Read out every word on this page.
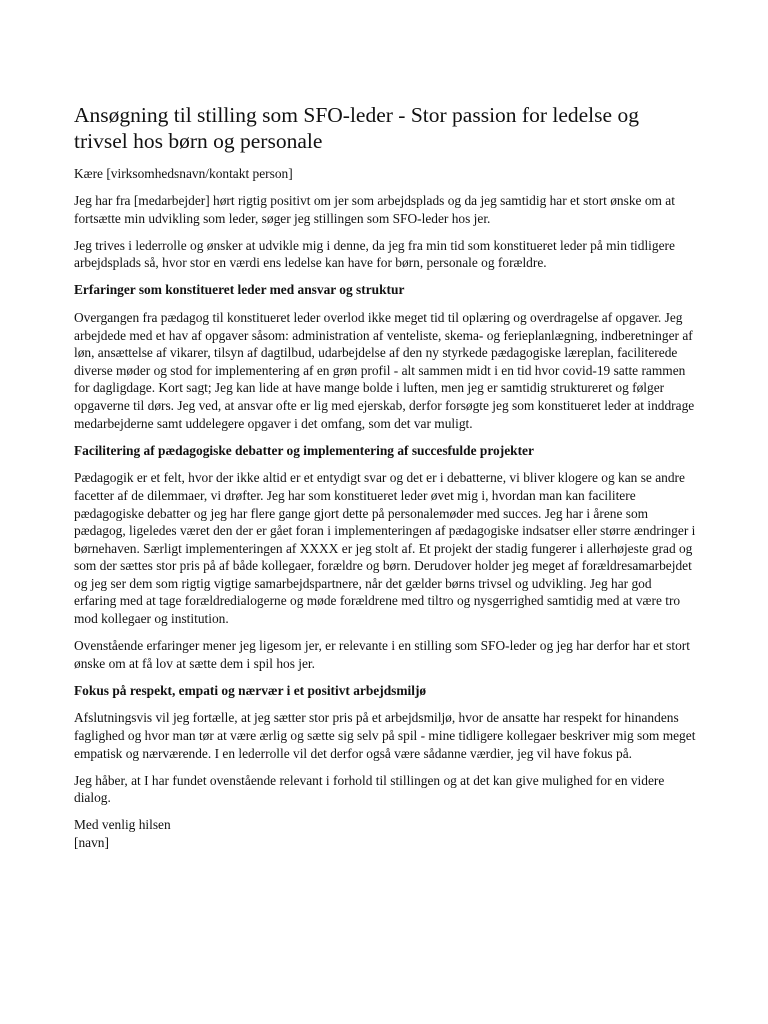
Ansøgning til stilling som SFO-leder - Stor passion for ledelse og trivsel hos børn og personale

Kære [virksomhedsnavn/kontakt person]

Jeg har fra [medarbejder] hørt rigtig positivt om jer som arbejdsplads og da jeg samtidig har et stort ønske om at fortsætte min udvikling som leder, søger jeg stillingen som SFO-leder hos jer.

Jeg trives i lederrolle og ønsker at udvikle mig i denne, da jeg fra min tid som konstitueret leder på min tidligere arbejdsplads så, hvor stor en værdi ens ledelse kan have for børn, personale og forældre.

Erfaringer som konstitueret leder med ansvar og struktur

Overgangen fra pædagog til konstitueret leder overlod ikke meget tid til oplæring og overdragelse af opgaver. Jeg arbejdede med et hav af opgaver såsom: administration af venteliste, skema- og ferieplanlægning, indberetninger af løn, ansættelse af vikarer, tilsyn af dagtilbud, udarbejdelse af den ny styrkede pædagogiske læreplan, faciliterede diverse møder og stod for implementering af en grøn profil - alt sammen midt i en tid hvor covid-19 satte rammen for dagligdage. Kort sagt; Jeg kan lide at have mange bolde i luften, men jeg er samtidig struktureret og følger opgaverne til dørs. Jeg ved, at ansvar ofte er lig med ejerskab, derfor forsøgte jeg som konstitueret leder at inddrage medarbejderne samt uddelegere opgaver i det omfang, som det var muligt.

Facilitering af pædagogiske debatter og implementering af succesfulde projekter

Pædagogik er et felt, hvor der ikke altid er et entydigt svar og det er i debatterne, vi bliver klogere og kan se andre facetter af de dilemmaer, vi drøfter. Jeg har som konstitueret leder øvet mig i, hvordan man kan facilitere pædagogiske debatter og jeg har flere gange gjort dette på personalemøder med succes. Jeg har i årene som pædagog, ligeledes været den der er gået foran i implementeringen af pædagogiske indsatser eller større ændringer i børnehaven. Særligt implementeringen af XXXX er jeg stolt af. Et projekt der stadig fungerer i allerhøjeste grad og som der sættes stor pris på af både kollegaer, forældre og børn. Derudover holder jeg meget af forældresamarbejdet og jeg ser dem som rigtig vigtige samarbejdspartnere, når det gælder børns trivsel og udvikling. Jeg har god erfaring med at tage forældredialogerne og møde forældrene med tiltro og nysgerrighed samtidig med at være tro mod kollegaer og institution.

Ovenstående erfaringer mener jeg ligesom jer, er relevante i en stilling som SFO-leder og jeg har derfor har et stort ønske om at få lov at sætte dem i spil hos jer.

Fokus på respekt, empati og nærvær i et positivt arbejdsmiljø

Afslutningsvis vil jeg fortælle, at jeg sætter stor pris på et arbejdsmiljø, hvor de ansatte har respekt for hinandens faglighed og hvor man tør at være ærlig og sætte sig selv på spil - mine tidligere kollegaer beskriver mig som meget empatisk og nærværende. I en lederrolle vil det derfor også være sådanne værdier, jeg vil have fokus på.

Jeg håber, at I har fundet ovenstående relevant i forhold til stillingen og at det kan give mulighed for en videre dialog.

Med venlig hilsen

[navn]
